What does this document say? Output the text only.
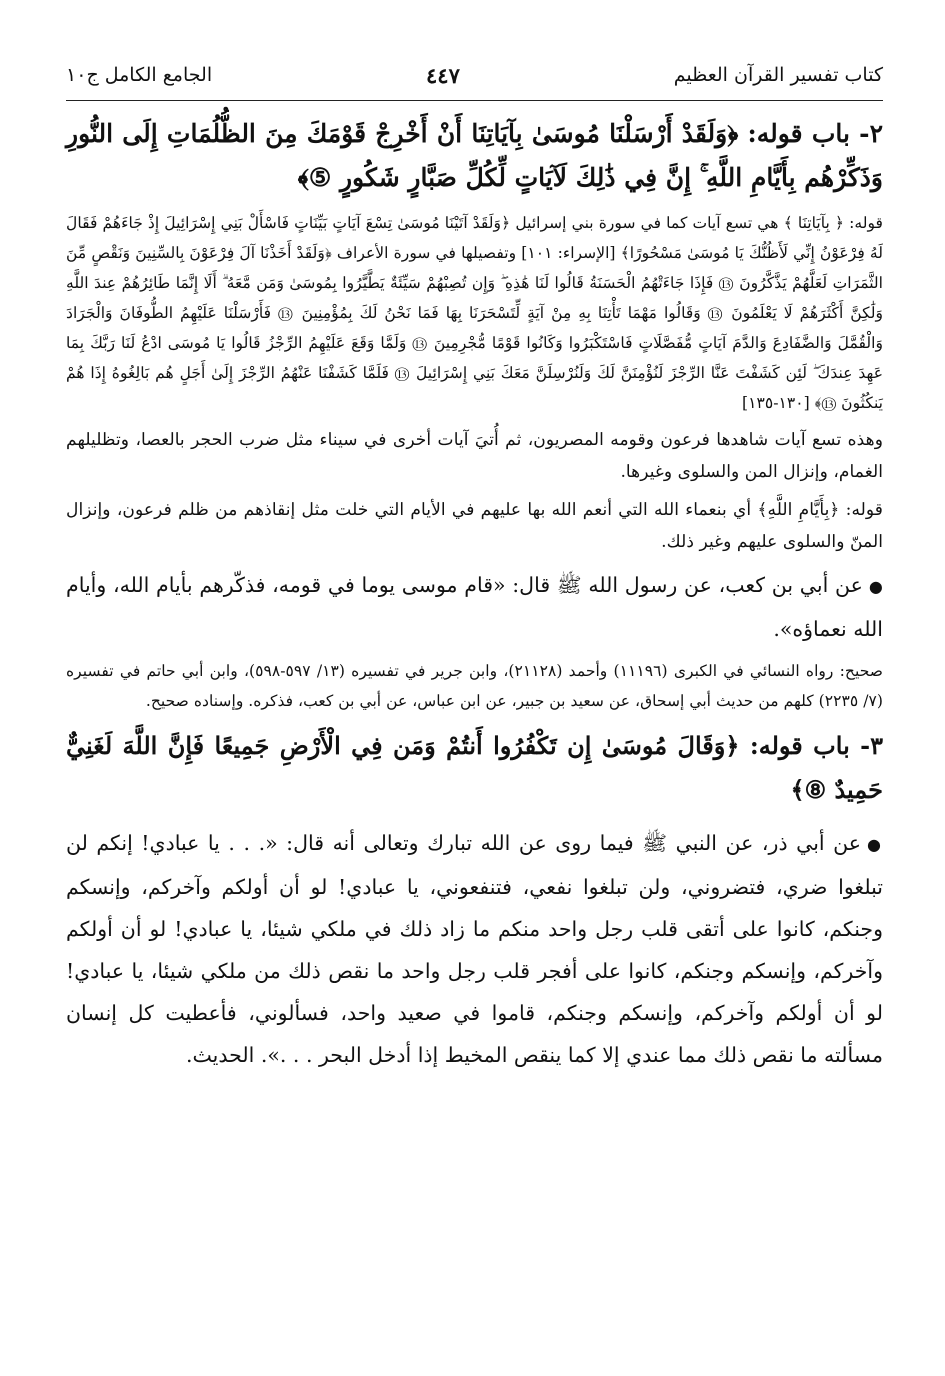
كتاب تفسير القرآن العظيم
٤٤٧
الجامع الكامل ج١٠

٢- باب قوله: ﴿وَلَقَدْ أَرْسَلْنَا مُوسَىٰ بِآيَاتِنَا أَنْ أَخْرِجْ قَوْمَكَ مِنَ الظُّلُمَاتِ إِلَى النُّورِ وَذَكِّرْهُم بِأَيَّامِ اللَّهِ ۚ إِنَّ فِي ذَٰلِكَ لَآيَاتٍ لِّكُلِّ صَبَّارٍ شَكُورٍ ⑤﴾

قوله: ﴿ بِآيَاتِنَا ﴾ هي تسع آيات كما في سورة بني إسرائيل ﴿وَلَقَدْ آتَيْنَا مُوسَىٰ تِسْعَ آيَاتٍ بَيِّنَاتٍ فَاسْأَلْ بَنِي إِسْرَائِيلَ إِذْ جَاءَهُمْ فَقَالَ لَهُ فِرْعَوْنُ إِنِّي لَأَظُنُّكَ يَا مُوسَىٰ مَسْحُورًا﴾ [الإسراء: ١٠١] وتفصيلها في سورة الأعراف ﴿وَلَقَدْ أَخَذْنَا آلَ فِرْعَوْنَ بِالسِّنِينَ وَنَقْصٍ مِّنَ الثَّمَرَاتِ لَعَلَّهُمْ يَذَّكَّرُونَ ⑬ فَإِذَا جَاءَتْهُمُ الْحَسَنَةُ قَالُوا لَنَا هَٰذِهِ ۖ وَإِن تُصِبْهُمْ سَيِّئَةٌ يَطَّيَّرُوا بِمُوسَىٰ وَمَن مَّعَهُ ۗ أَلَا إِنَّمَا طَائِرُهُمْ عِندَ اللَّهِ وَلَٰكِنَّ أَكْثَرَهُمْ لَا يَعْلَمُونَ ⑬ وَقَالُوا مَهْمَا تَأْتِنَا بِهِ مِنْ آيَةٍ لِّتَسْحَرَنَا بِهَا فَمَا نَحْنُ لَكَ بِمُؤْمِنِينَ ⑬ فَأَرْسَلْنَا عَلَيْهِمُ الطُّوفَانَ وَالْجَرَادَ وَالْقُمَّلَ وَالضَّفَادِعَ وَالدَّمَ آيَاتٍ مُّفَصَّلَاتٍ فَاسْتَكْبَرُوا وَكَانُوا قَوْمًا مُّجْرِمِينَ ⑬ وَلَمَّا وَقَعَ عَلَيْهِمُ الرِّجْزُ قَالُوا يَا مُوسَى ادْعُ لَنَا رَبَّكَ بِمَا عَهِدَ عِندَكَ ۖ لَئِن كَشَفْتَ عَنَّا الرِّجْزَ لَنُؤْمِنَنَّ لَكَ وَلَنُرْسِلَنَّ مَعَكَ بَنِي إِسْرَائِيلَ ⑬ فَلَمَّا كَشَفْنَا عَنْهُمُ الرِّجْزَ إِلَىٰ أَجَلٍ هُم بَالِغُوهُ إِذَا هُمْ يَنكُثُونَ ⑬﴾ [١٣٠-١٣٥]

وهذه تسع آيات شاهدها فرعون وقومه المصريون، ثم أُتيَ آيات أخرى في سيناء مثل ضرب الحجر بالعصا، وتظليلهم الغمام، وإنزال المن والسلوى وغيرها.

قوله: ﴿بِأَيَّامِ اللَّهِ﴾ أي بنعماء الله التي أنعم الله بها عليهم في الأيام التي خلت مثل إنقاذهم من ظلم فرعون، وإنزال المنّ والسلوى عليهم وغير ذلك.

●عن أبي بن كعب، عن رسول الله ﷺ قال: «قام موسى يوما في قومه، فذكّرهم بأيام الله، وأيام الله نعماؤه».

صحيح: رواه النسائي في الكبرى (١١١٩٦) وأحمد (٢١١٢٨)، وابن جرير في تفسيره (١٣/ ٥٩٧-٥٩٨)، وابن أبي حاتم في تفسيره (٧/ ٢٢٣٥) كلهم من حديث أبي إسحاق، عن سعيد بن جبير، عن ابن عباس، عن أبي بن كعب، فذكره. وإسناده صحيح.

٣- باب قوله: ﴿وَقَالَ مُوسَىٰ إِن تَكْفُرُوا أَنتُمْ وَمَن فِي الْأَرْضِ جَمِيعًا فَإِنَّ اللَّهَ لَغَنِيٌّ حَمِيدٌ ⑧﴾

●عن أبي ذر، عن النبي ﷺ فيما روى عن الله تبارك وتعالى أنه قال: «. . . يا عبادي! إنكم لن تبلغوا ضري، فتضروني، ولن تبلغوا نفعي، فتنفعوني، يا عبادي! لو أن أولكم وآخركم، وإنسكم وجنكم، كانوا على أتقى قلب رجل واحد منكم ما زاد ذلك في ملكي شيئا، يا عبادي! لو أن أولكم وآخركم، وإنسكم وجنكم، كانوا على أفجر قلب رجل واحد ما نقص ذلك من ملكي شيئا، يا عبادي! لو أن أولكم وآخركم، وإنسكم وجنكم، قاموا في صعيد واحد، فسألوني، فأعطيت كل إنسان مسألته ما نقص ذلك مما عندي إلا كما ينقص المخيط إذا أدخل البحر . . .». الحديث.
